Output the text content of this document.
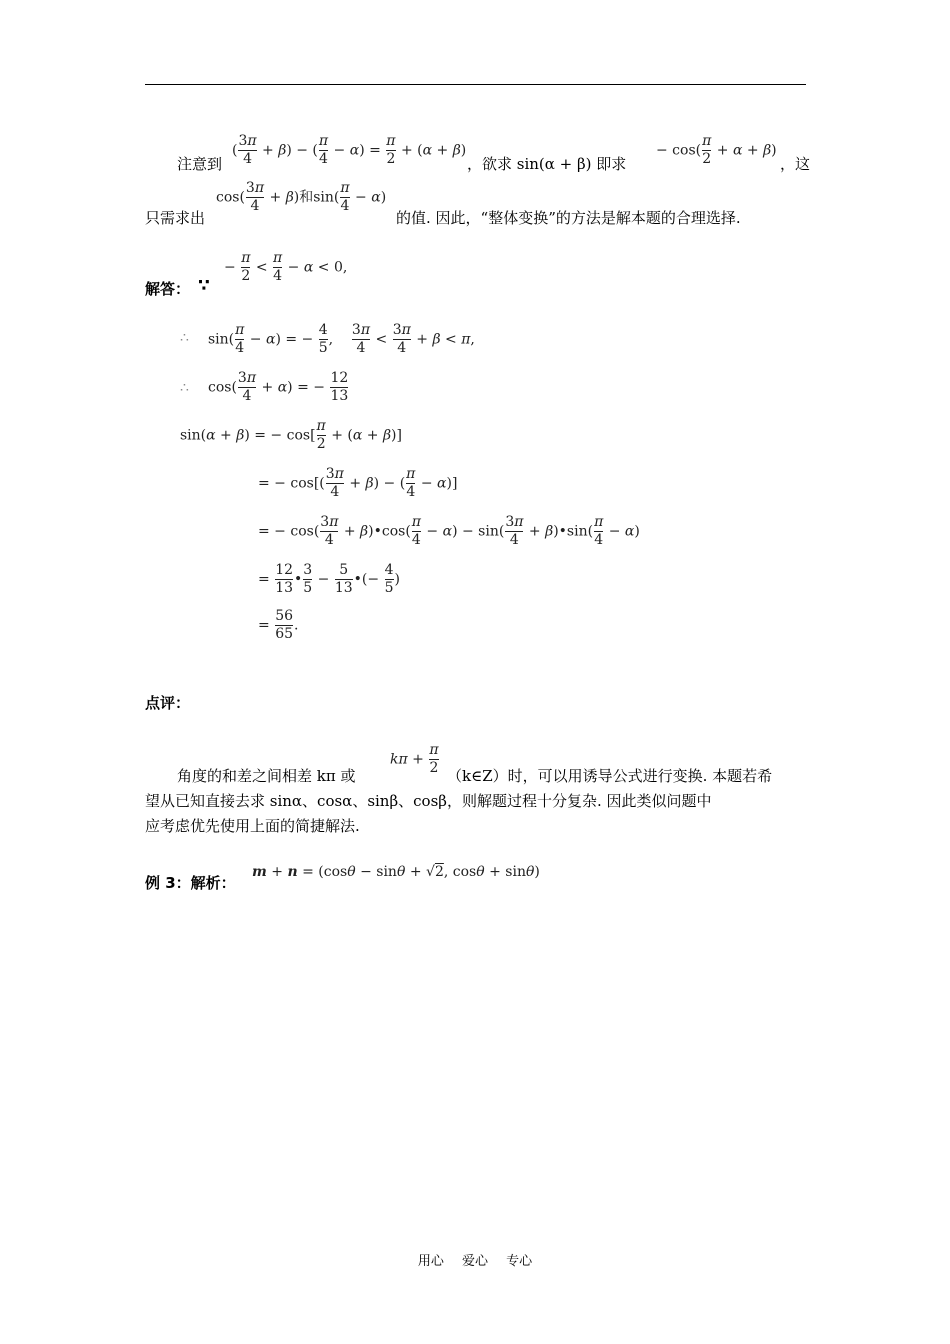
注意到
( $\frac{3\pi}{4} + \beta$) − ( $\frac{\pi}{4} - \alpha) = \frac{\pi}{2} + (\alpha + \beta)$
，欲求 sin(α + β) 即求
− $\cos( \frac{\pi}{2} + \alpha + \beta)$
，这
只需求出
$\cos( \frac{3\pi}{4} + \beta)$和$\sin( \frac{\pi}{4} - \alpha)$
的值. 因此，“整体变换”的方法是解本题的合理选择.
解答： ∵
− $\frac{\pi}{2} < \frac{\pi}{4} - \alpha < 0$,
∴ $\sin( \frac{\pi}{4} - \alpha)$ = − $\frac{4}{5}$ , $\frac{3\pi}{4} < \frac{3\pi}{4} + \beta < \pi$,
∴ $\cos( \frac{3\pi}{4} + \alpha)$ = − $\frac{12}{13}$
sin(α + β) = − $\cos[ \frac{\pi}{2} + (\alpha + \beta)]$
= − $\cos[( \frac{3\pi}{4} + \beta)$ − ( $\frac{\pi}{4} - \alpha$)]
= − $\cos( \frac{3\pi}{4}$ + β)•cos( $\frac{\pi}{4} - \alpha) - \sin( \frac{3\pi}{4}$ + β)•sin( $\frac{\pi}{4} - \alpha$)
= $\frac{12}{13}$ • $\frac{3}{5} - \frac{5}{13}$ •(− $\frac{4}{5}$ )
= $\frac{56}{65}$ .
点评：
角度的和差之间相差 kπ 或
$k\pi + \frac{\pi}{2}$ （k∈Z）时，可以用诱导公式进行变换. 本题若希
望从已知直接去求 sinα、cosα、sinβ、cosβ，则解题过程十分复杂. 因此类似问题中
应考虑优先使用上面的简捷解法.
例 3：解析：
m + n = (cosθ − sinθ + √2, cosθ + sinθ)
用心 爱心 专心
